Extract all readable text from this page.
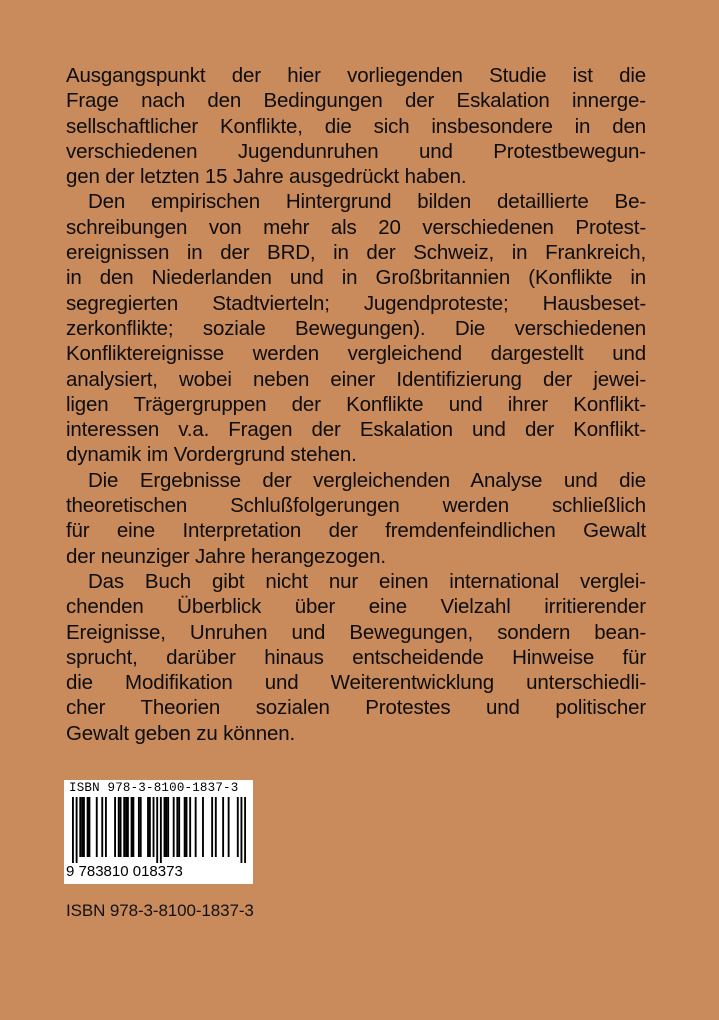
Ausgangspunkt der hier vorliegenden Studie ist die
Frage nach den Bedingungen der Eskalation innerge-
sellschaftlicher Konflikte, die sich insbesondere in den
verschiedenen Jugendunruhen und Protestbewegun-
gen der letzten 15 Jahre ausgedrückt haben.
Den empirischen Hintergrund bilden detaillierte Be-
schreibungen von mehr als 20 verschiedenen Protest-
ereignissen in der BRD, in der Schweiz, in Frankreich,
in den Niederlanden und in Großbritannien (Konflikte in
segregierten Stadtvierteln; Jugendproteste; Hausbeset-
zerkonflikte; soziale Bewegungen). Die verschiedenen
Konfliktereignisse werden vergleichend dargestellt und
analysiert, wobei neben einer Identifizierung der jewei-
ligen Trägergruppen der Konflikte und ihrer Konflikt-
interessen v.a. Fragen der Eskalation und der Konflikt-
dynamik im Vordergrund stehen.
Die Ergebnisse der vergleichenden Analyse und die
theoretischen Schlußfolgerungen werden schließlich
für eine Interpretation der fremdenfeindlichen Gewalt
der neunziger Jahre herangezogen.
Das Buch gibt nicht nur einen international verglei-
chenden Überblick über eine Vielzahl irritierender
Ereignisse, Unruhen und Bewegungen, sondern bean-
sprucht, darüber hinaus entscheidende Hinweise für
die Modifikation und Weiterentwicklung unterschiedli-
cher Theorien sozialen Protestes und politischer
Gewalt geben zu können.
ISBN 978-3-8100-1837-3
9 783810 018373
ISBN 978-3-8100-1837-3
